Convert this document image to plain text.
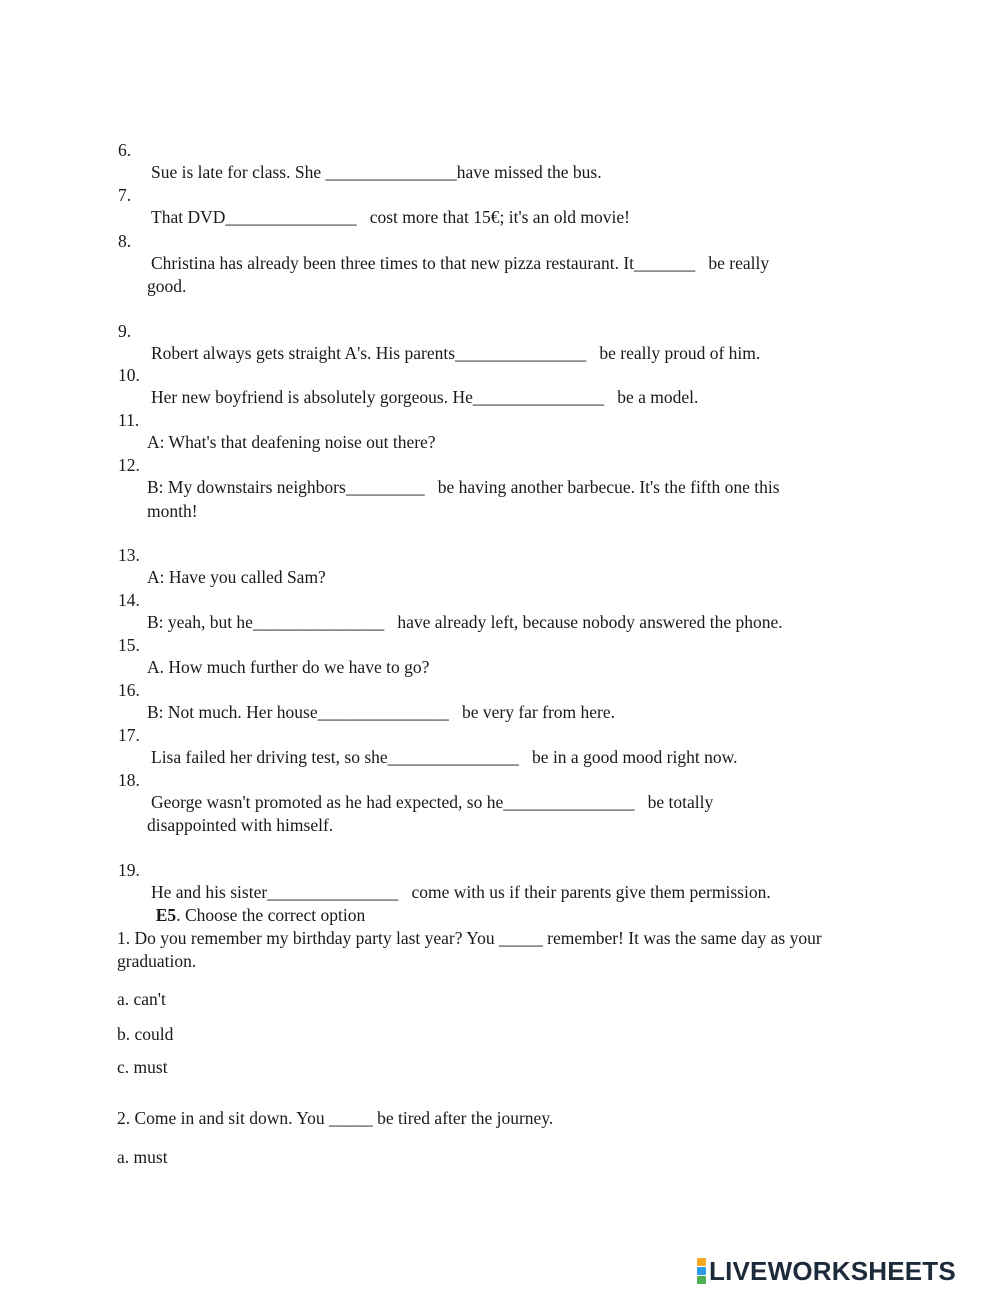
6.

Sue is late for class. She _______________have missed the bus.

7.

That DVD_______________   cost more that 15€; it's an old movie!

8.

Christina has already been three times to that new pizza restaurant. It_______   be really

good.

9.

Robert always gets straight A's. His parents_______________   be really proud of him.

10.

Her new boyfriend is absolutely gorgeous. He_______________   be a model.

11.

A: What's that deafening noise out there?

12.

B: My downstairs neighbors_________   be having another barbecue. It's the fifth one this

month!

13.

A: Have you called Sam?

14.

B: yeah, but he_______________   have already left, because nobody answered the phone.

15.

A. How much further do we have to go?

16.

B: Not much. Her house_______________   be very far from here.

17.

Lisa failed her driving test, so she_______________   be in a good mood right now.

18.

George wasn't promoted as he had expected, so he_______________   be totally

disappointed with himself.

19.

He and his sister_______________   come with us if their parents give them permission.

E5. Choose the correct option

1. Do you remember my birthday party last year? You _____ remember! It was the same day as your graduation.
a. can't
b. could
c. must
2. Come in and sit down. You _____ be tired after the journey.
a. must
LIVEWORKSHEETS
